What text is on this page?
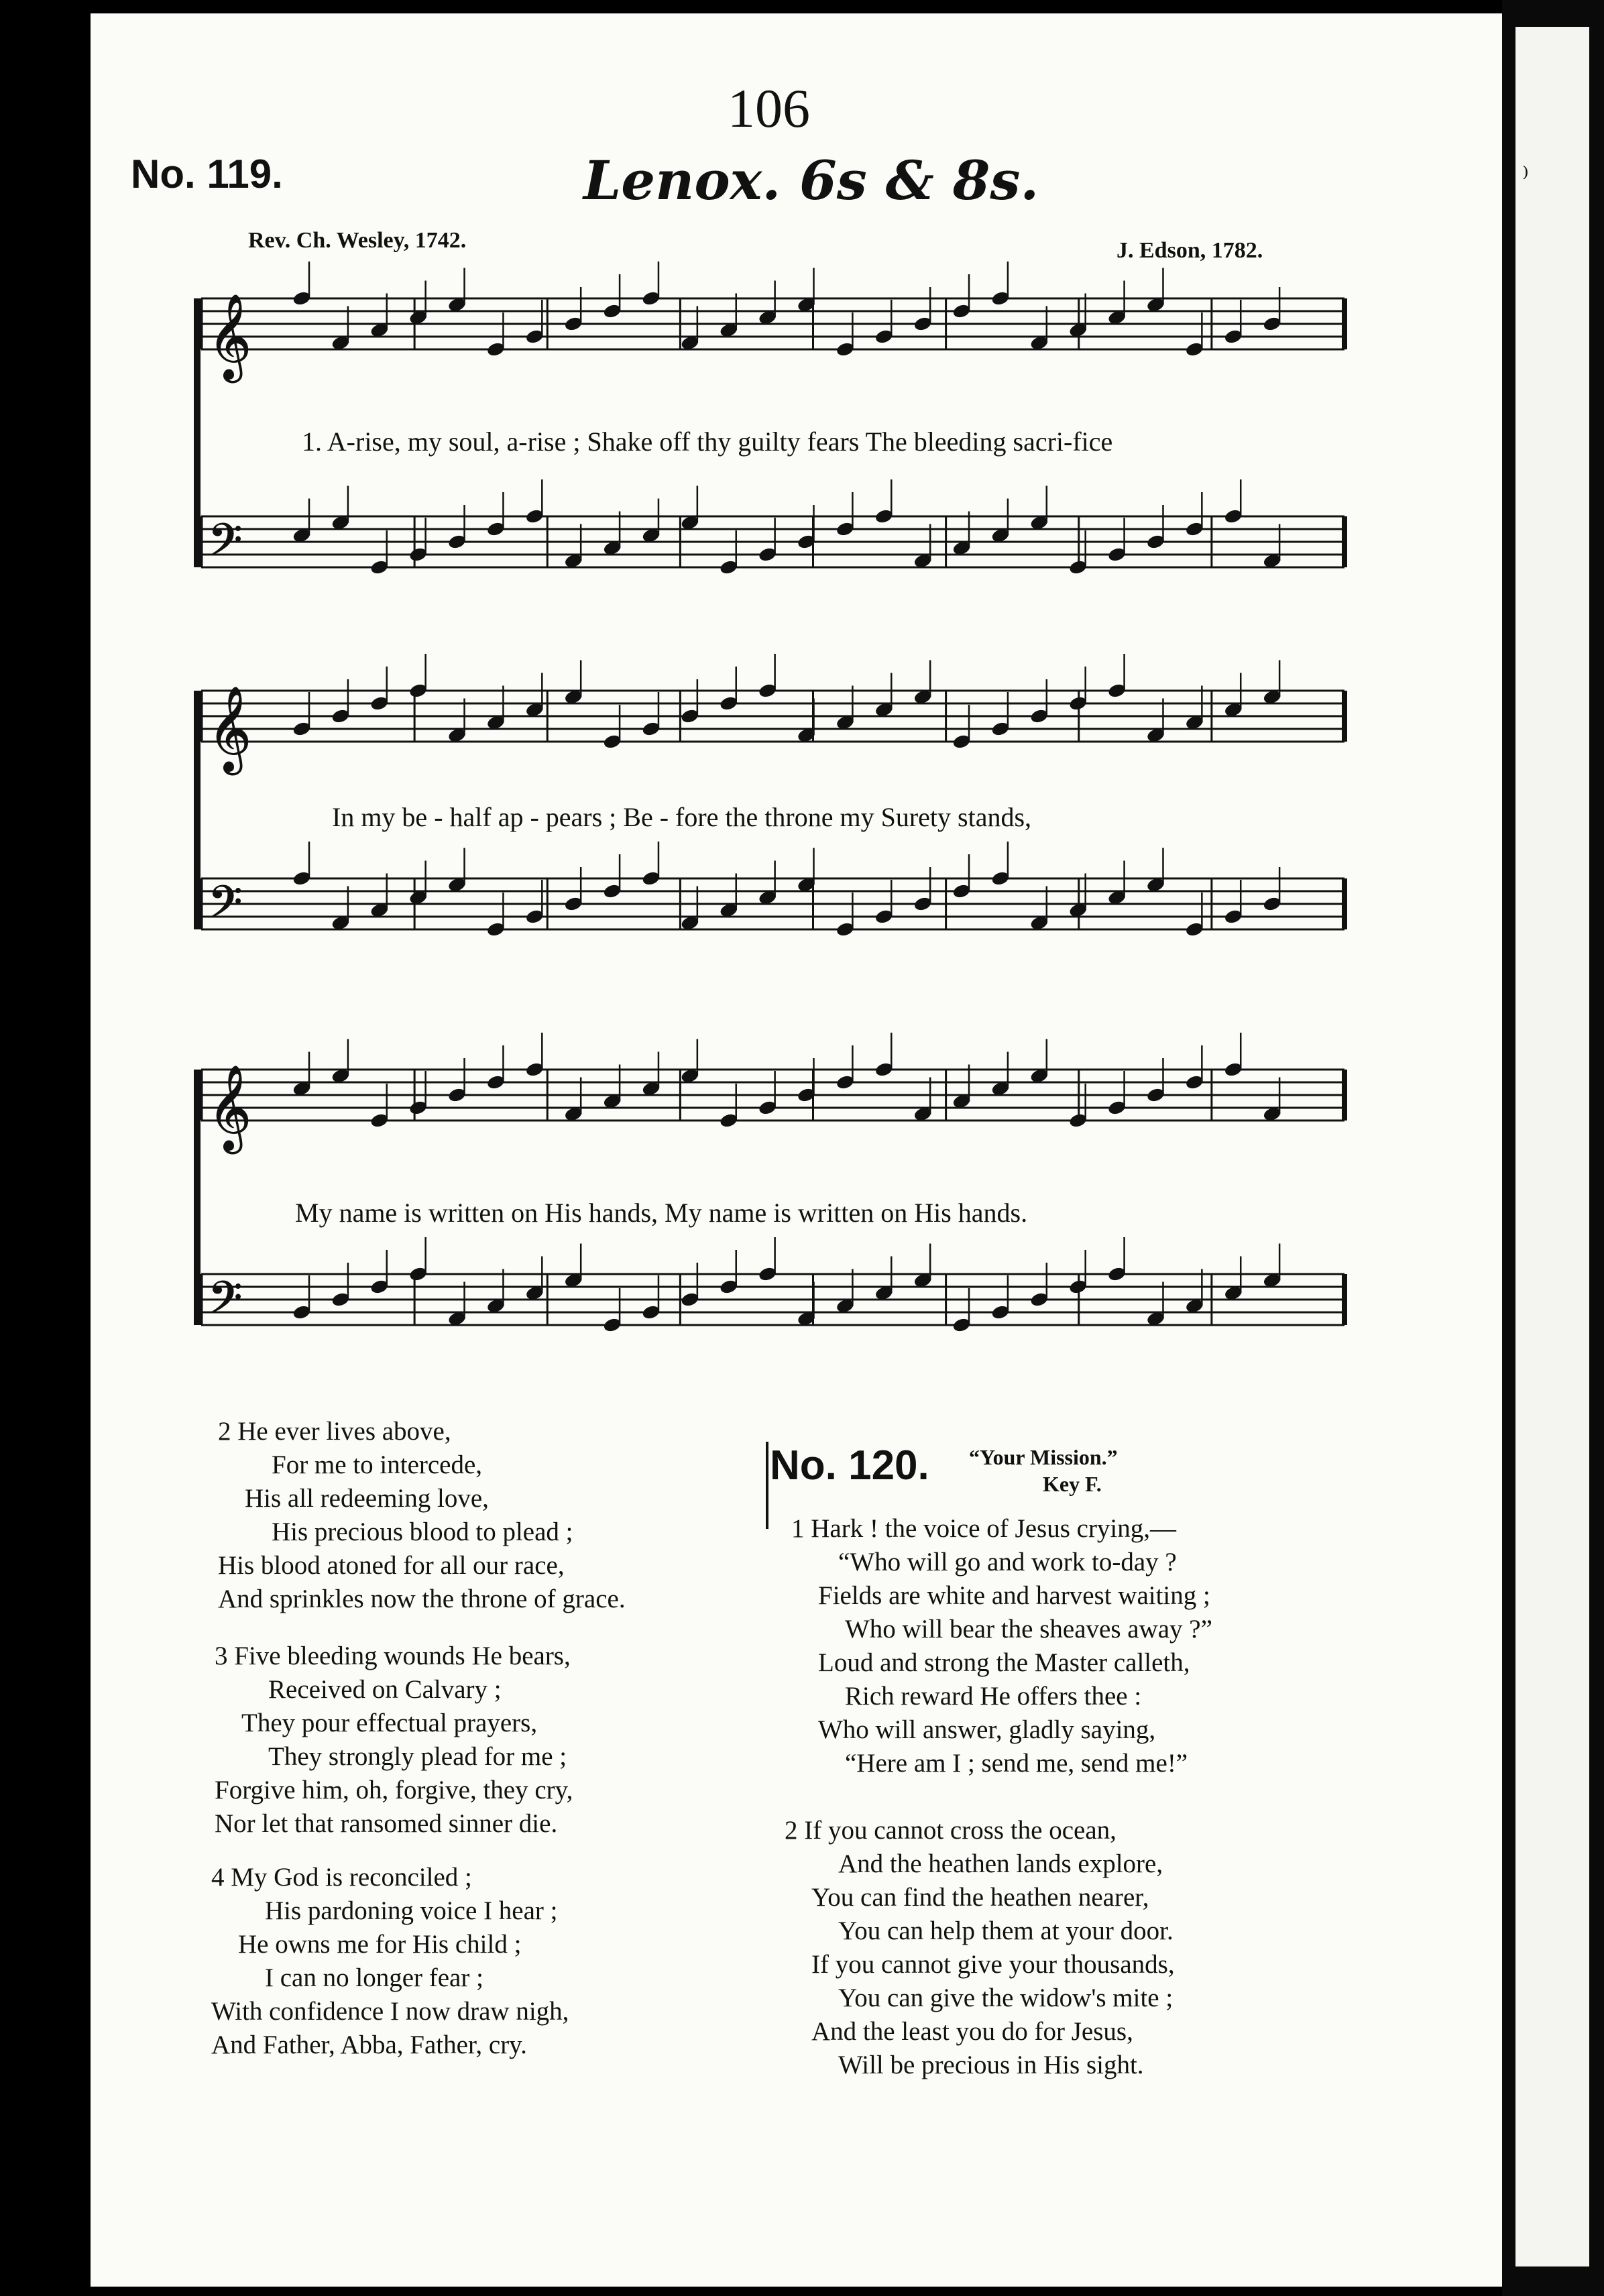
⁾
106
No. 119.	Lenox. 6s & 8s.
Rev. Ch. Wesley, 1742.	J. Edson, 1782.
𝄞
𝄢
𝄞
𝄢
𝄞
𝄢
1. A-rise, my soul, a-rise ; Shake off thy guilty fears The bleeding sacri-fice
In my be - half ap - pears ; Be - fore the throne my Surety stands,
My name is written on His hands, My name is written on His hands.
2 He ever lives above,
For me to intercede,
His all redeeming love,
His precious blood to plead ;
His blood atoned for all our race,
And sprinkles now the throne of grace.
3 Five bleeding wounds He bears,
Received on Calvary ;
They pour effectual prayers,
They strongly plead for me ;
Forgive him, oh, forgive, they cry,
Nor let that ransomed sinner die.
4 My God is reconciled ;
His pardoning voice I hear ;
He owns me for His child ;
I can no longer fear ;
With confidence I now draw nigh,
And Father, Abba, Father, cry.
No. 120. “Your Mission.”
Key F.
1 Hark ! the voice of Jesus crying,—
“Who will go and work to-day ?
Fields are white and harvest waiting ;
Who will bear the sheaves away ?”
Loud and strong the Master calleth,
Rich reward He offers thee :
Who will answer, gladly saying,
“Here am I ; send me, send me!”
2 If you cannot cross the ocean,
And the heathen lands explore,
You can find the heathen nearer,
You can help them at your door.
If you cannot give your thousands,
You can give the widow's mite ;
And the least you do for Jesus,
Will be precious in His sight.
